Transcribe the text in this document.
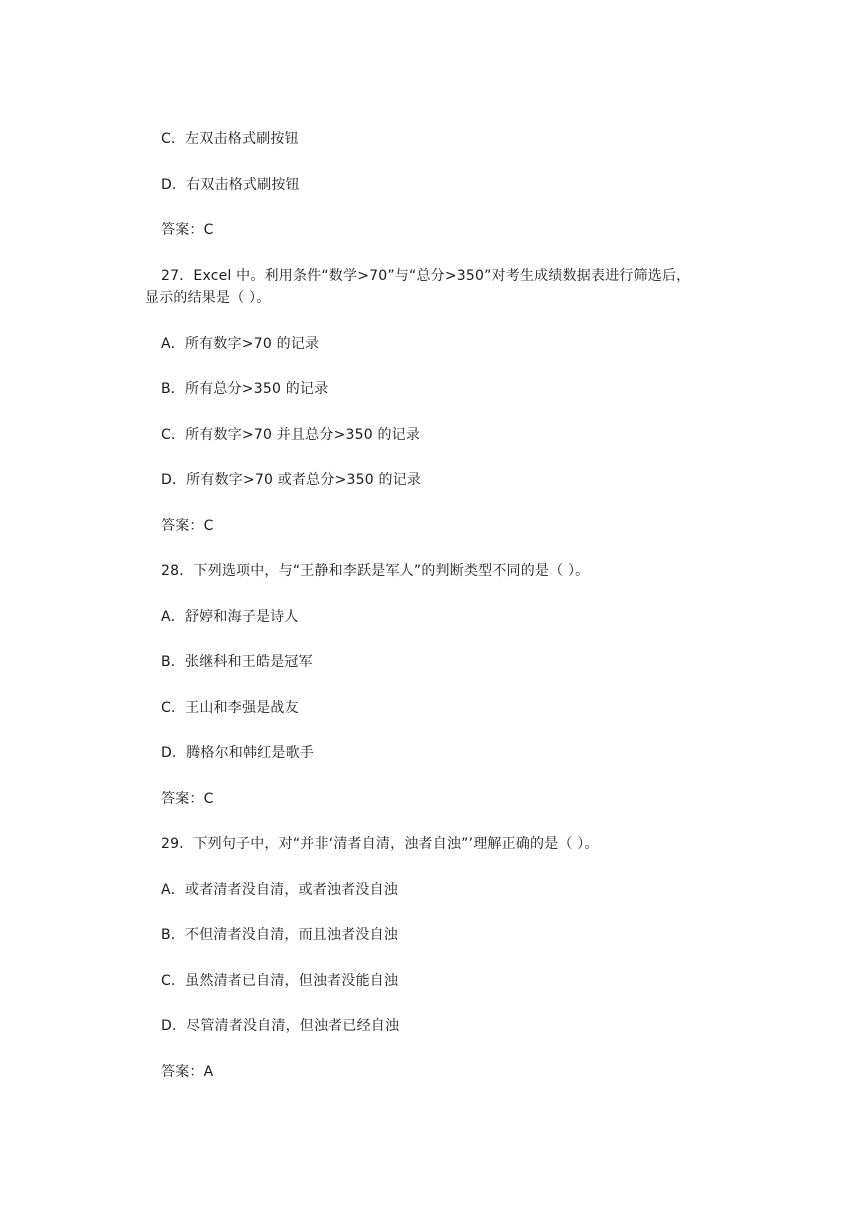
C．左双击格式刷按钮
D．右双击格式刷按钮
答案：C
27．Excel 中。利用条件“数学>70”与“总分>350”对考生成绩数据表进行筛选后，
显示的结果是（ ）。
A．所有数字>70 的记录
B．所有总分>350 的记录
C．所有数字>70 并且总分>350 的记录
D．所有数字>70 或者总分>350 的记录
答案：C
28．下列选项中，与“王静和李跃是军人”的判断类型不同的是（ ）。
A．舒婷和海子是诗人
B．张继科和王皓是冠军
C．王山和李强是战友
D．腾格尔和韩红是歌手
答案：C
29．下列句子中，对“并非‘清者自清，浊者自浊”’理解正确的是（ ）。
A．或者清者没自清，或者浊者没自浊
B．不但清者没自清，而且浊者没自浊
C．虽然清者已自清，但浊者没能自浊
D．尽管清者没自清，但浊者已经自浊
答案：A
